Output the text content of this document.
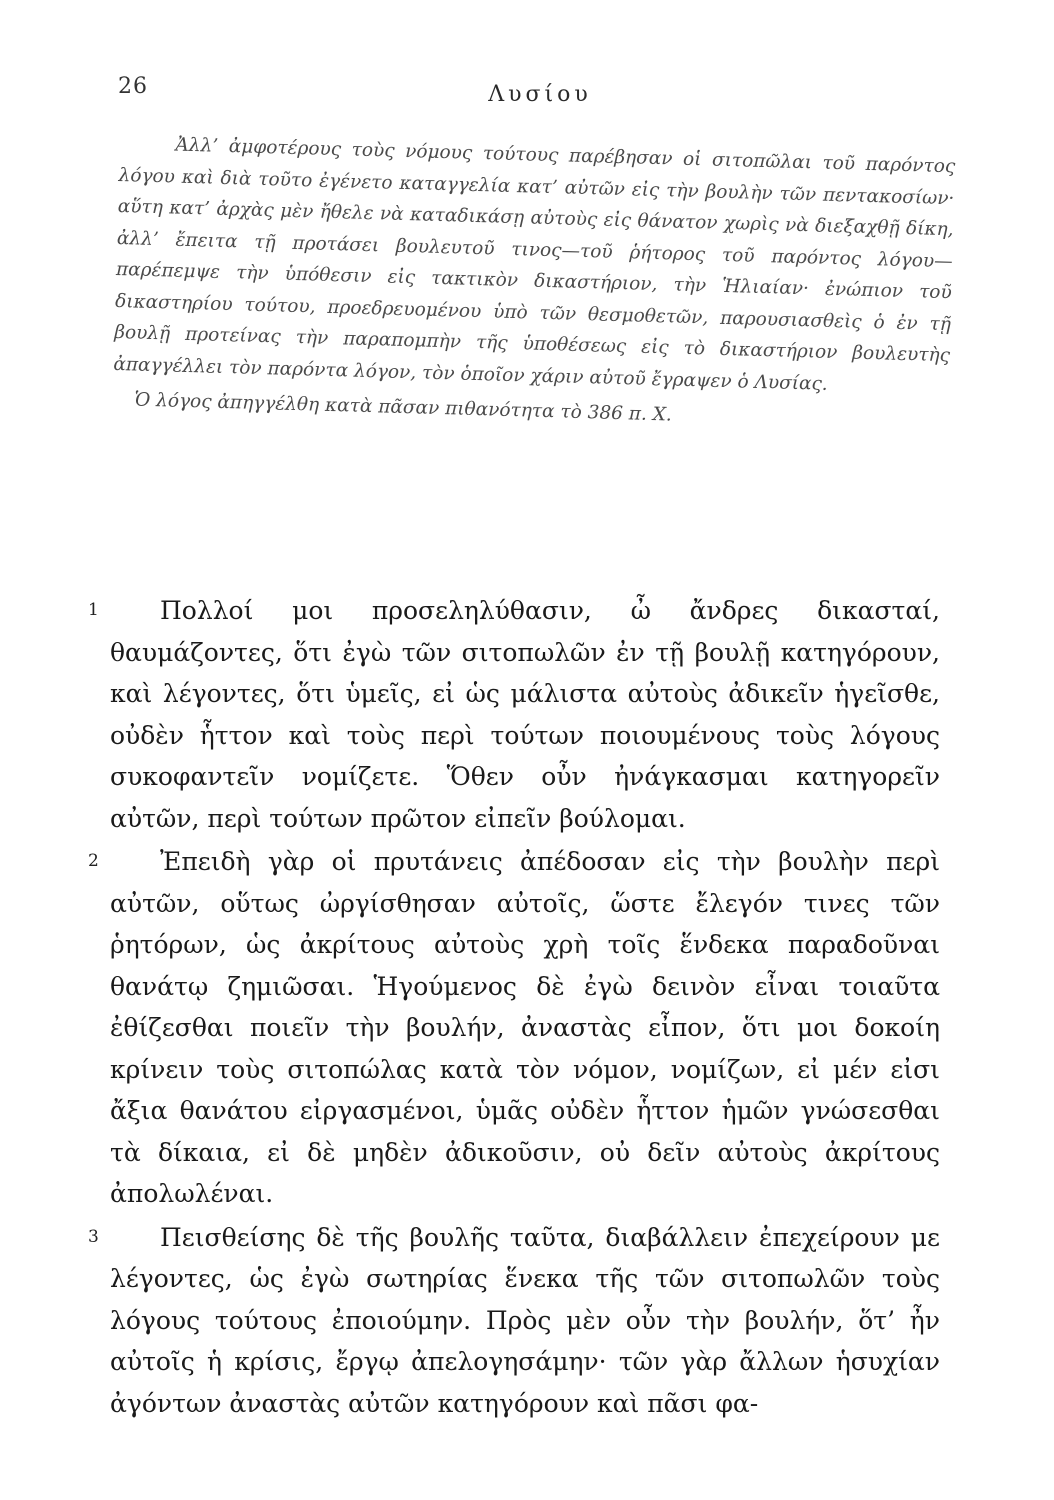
26	Λυσίου

Ἀλλ’ ἀμφοτέρους τοὺς νόμους τούτους παρέβησαν οἱ σιτοπῶλαι τοῦ παρόντος λόγου καὶ διὰ τοῦτο ἐγένετο καταγγελία κατ’ αὐτῶν εἰς τὴν βουλὴν τῶν πεντακοσίων· αὕτη κατ’ ἀρχὰς μὲν ἤθελε νὰ καταδικάσῃ αὐτοὺς εἰς θάνατον χωρὶς νὰ διεξαχθῇ δίκη, ἀλλ’ ἔπειτα τῇ προτάσει βουλευτοῦ τινος—τοῦ ῥήτορος τοῦ παρόντος λόγου—παρέπεμψε τὴν ὑπόθεσιν εἰς τακτικὸν δικαστήριον, τὴν Ἡλιαίαν· ἐνώπιον τοῦ δικαστηρίου τούτου, προεδρευομένου ὑπὸ τῶν θεσμοθετῶν, παρουσιασθεὶς ὁ ἐν τῇ βουλῇ προτείνας τὴν παραπομπὴν τῆς ὑποθέσεως εἰς τὸ δικαστήριον βουλευτὴς ἀπαγγέλλει τὸν παρόντα λόγον, τὸν ὁποῖον χάριν αὐτοῦ ἔγραψεν ὁ Λυσίας.

Ὁ λόγος ἀπηγγέλθη κατὰ πᾶσαν πιθανότητα τὸ 386 π. Χ.

1 Πολλοί μοι προσεληλύθασιν, ὦ ἄνδρες δικασταί, θαυμάζοντες, ὅτι ἐγὼ τῶν σιτοπωλῶν ἐν τῇ βουλῇ κατηγόρουν, καὶ λέγοντες, ὅτι ὑμεῖς, εἰ ὡς μάλιστα αὐτοὺς ἀδικεῖν ἡγεῖσθε, οὐδὲν ἧττον καὶ τοὺς περὶ τούτων ποιουμένους τοὺς λόγους συκοφαντεῖν νομίζετε. Ὅθεν οὖν ἠνάγκασμαι κατηγορεῖν αὐτῶν, περὶ τούτων πρῶτον εἰπεῖν βούλομαι.

2 Ἐπειδὴ γὰρ οἱ πρυτάνεις ἀπέδοσαν εἰς τὴν βουλὴν περὶ αὐτῶν, οὕτως ὠργίσθησαν αὐτοῖς, ὥστε ἔλεγόν τινες τῶν ῥητόρων, ὡς ἀκρίτους αὐτοὺς χρὴ τοῖς ἕνδεκα παραδοῦναι θανάτῳ ζημιῶσαι. Ἡγούμενος δὲ ἐγὼ δεινὸν εἶναι τοιαῦτα ἐθίζεσθαι ποιεῖν τὴν βουλήν, ἀναστὰς εἶπον, ὅτι μοι δοκοίη κρίνειν τοὺς σιτοπώλας κατὰ τὸν νόμον, νομίζων, εἰ μέν εἰσι ἄξια θανάτου εἰργασμένοι, ὑμᾶς οὐδὲν ἧττον ἡμῶν γνώσεσθαι τὰ δίκαια, εἰ δὲ μηδὲν ἀδικοῦσιν, οὐ δεῖν αὐτοὺς ἀκρίτους ἀπολωλέναι.

3 Πεισθείσης δὲ τῆς βουλῆς ταῦτα, διαβάλλειν ἐπεχείρουν με λέγοντες, ὡς ἐγὼ σωτηρίας ἕνεκα τῆς τῶν σιτοπωλῶν τοὺς λόγους τούτους ἐποιούμην. Πρὸς μὲν οὖν τὴν βουλήν, ὅτ’ ἦν αὐτοῖς ἡ κρίσις, ἔργῳ ἀπελογησάμην· τῶν γὰρ ἄλλων ἡσυχίαν ἀγόντων ἀναστὰς αὐτῶν κατηγόρουν καὶ πᾶσι φα-
